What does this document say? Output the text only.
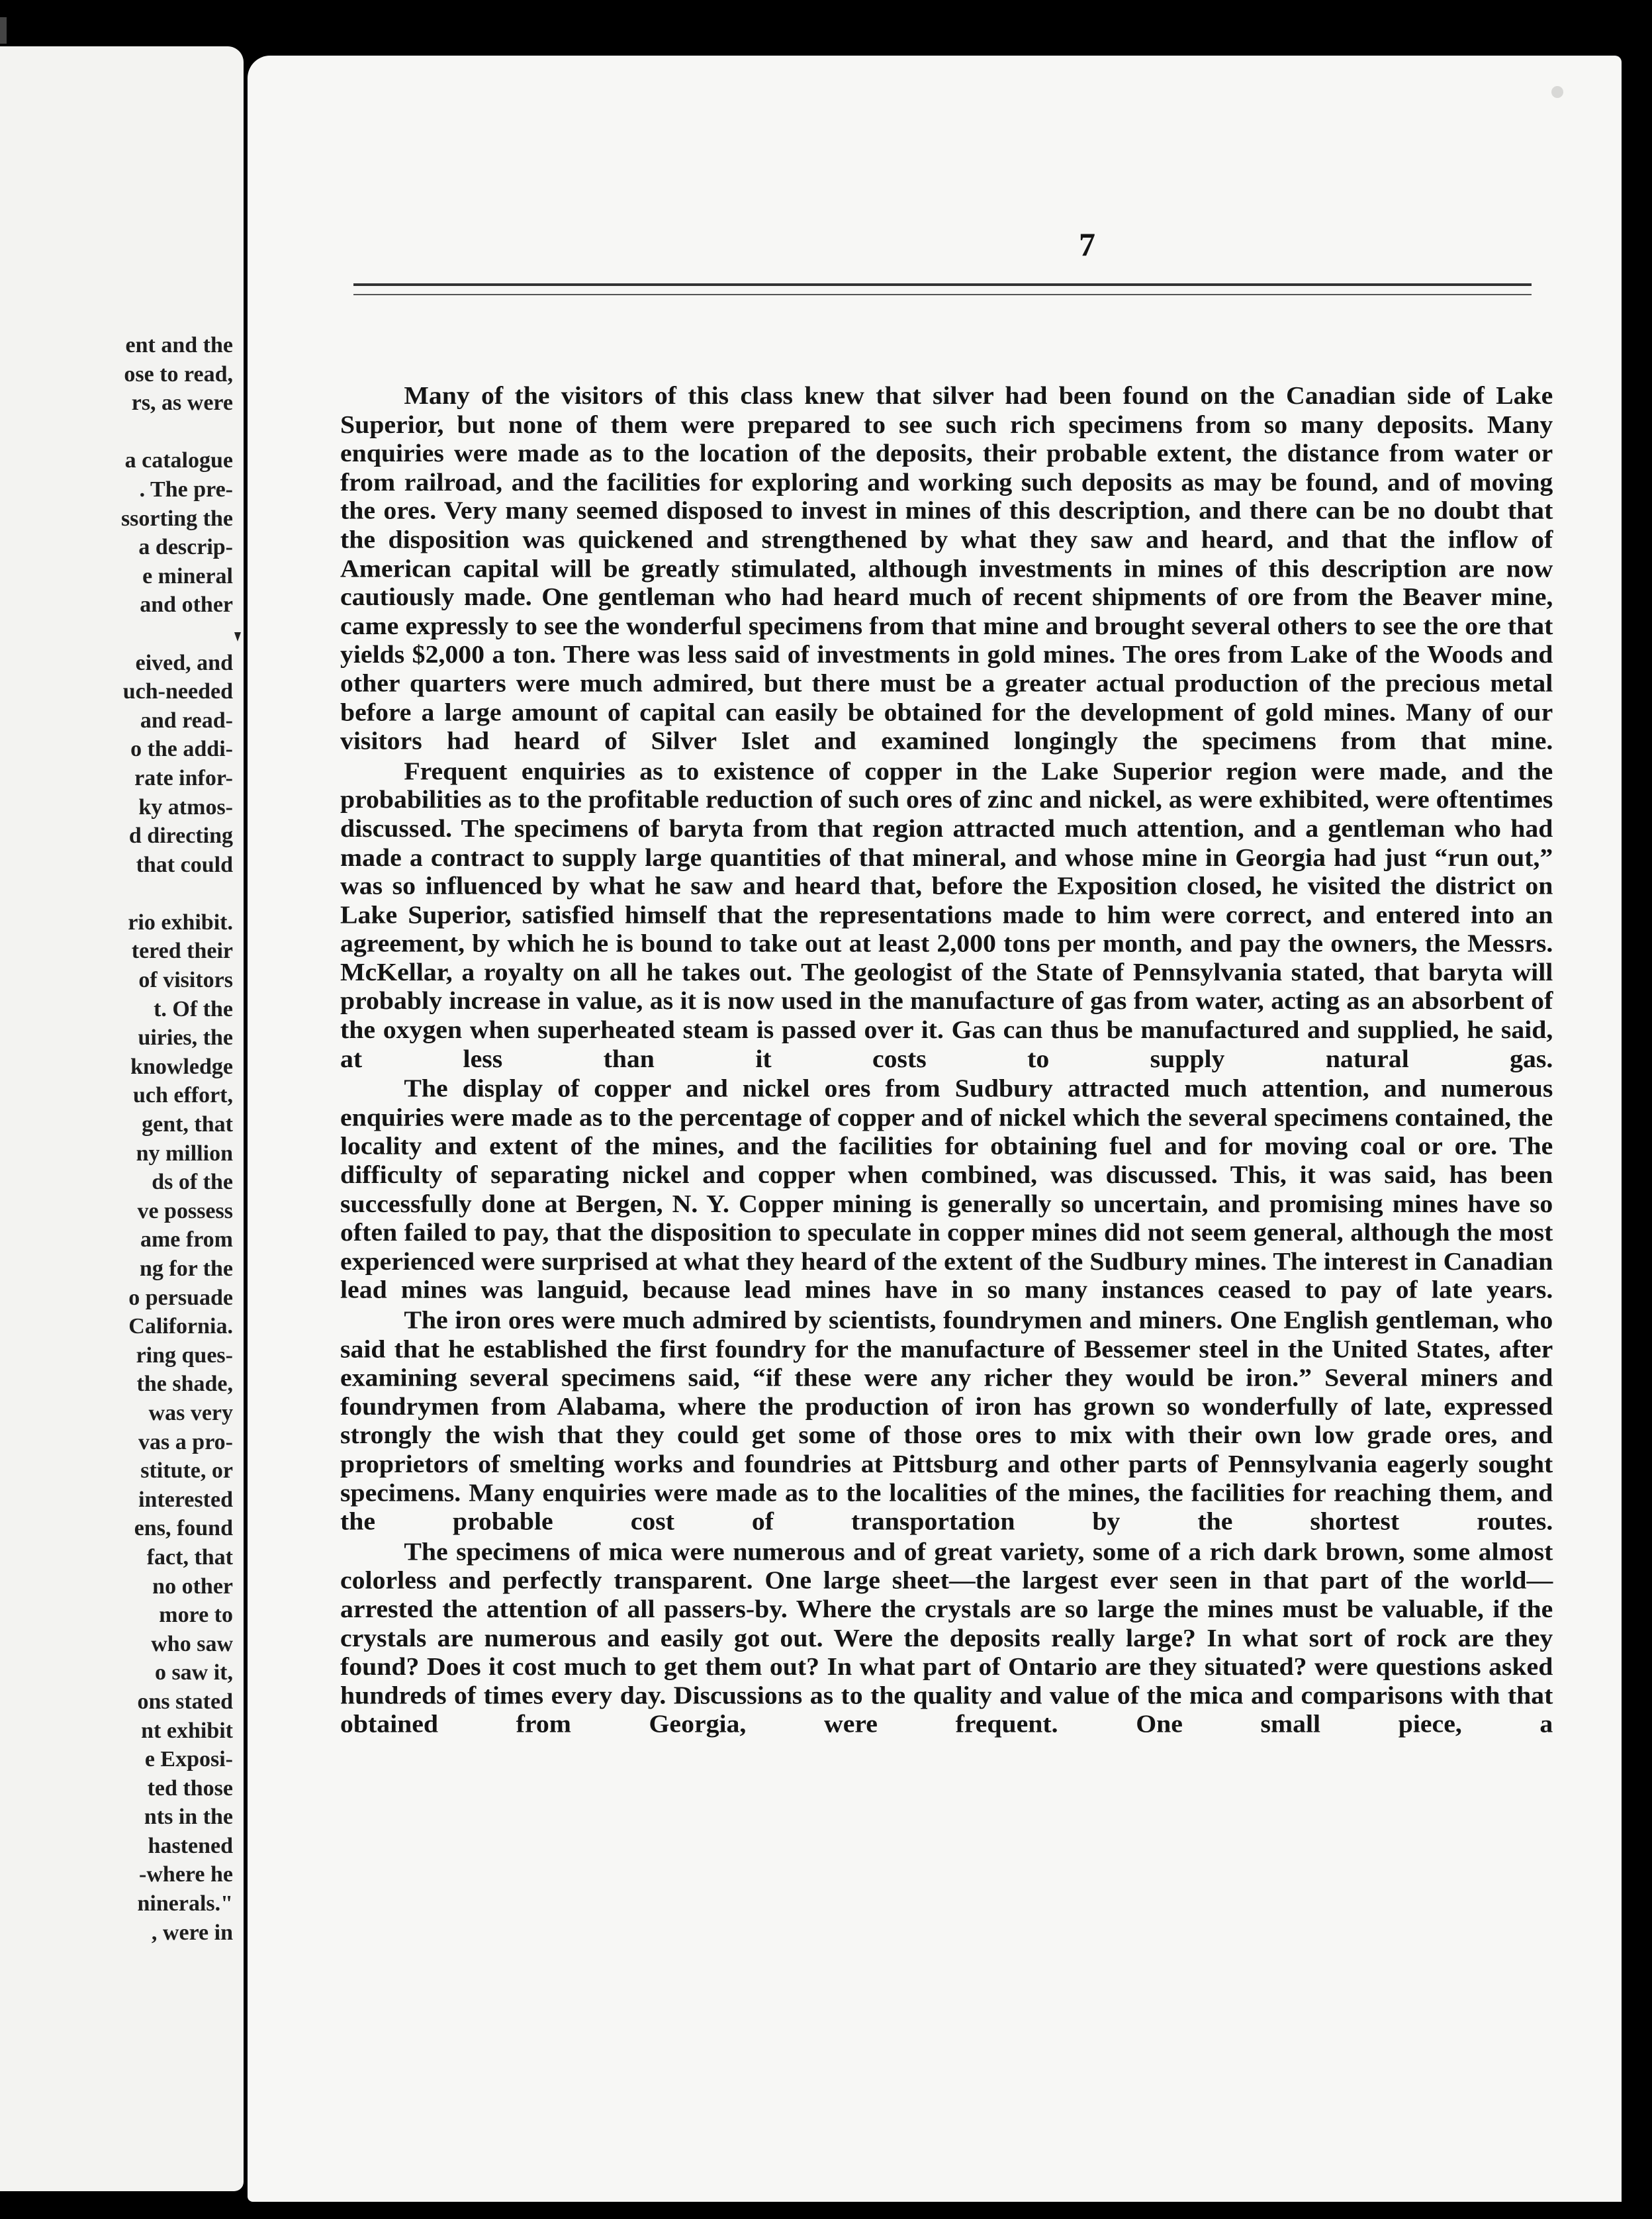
ent and the
ose to read,
rs, as were
a catalogue
. The pre-
ssorting the
a descrip-
e mineral
and other
eived, and
uch-needed
and read-
o the addi-
rate infor-
ky atmos-
d directing
that could
rio exhibit.
tered their
of visitors
t. Of the
uiries, the
knowledge
uch effort,
gent, that
ny million
ds of the
ve possess
ame from
ng for the
o persuade
California.
ring ques-
the shade,
was very
vas a pro-
stitute, or
interested
ens, found
fact, that
no other
more to
who saw
o saw it,
ons stated
nt exhibit
e Exposi-
ted those
nts in the
hastened
-where he
ninerals."
, were in
7

Many of the visitors of this class knew that silver had been found on the Canadian side of Lake Superior, but none of them were prepared to see such rich specimens from so many deposits. Many enquiries were made as to the location of the deposits, their probable extent, the distance from water or from railroad, and the facilities for exploring and working such deposits as may be found, and of moving the ores. Very many seemed disposed to invest in mines of this description, and there can be no doubt that the disposition was quickened and strengthened by what they saw and heard, and that the inflow of American capital will be greatly stimulated, although investments in mines of this description are now cautiously made. One gentleman who had heard much of recent shipments of ore from the Beaver mine, came expressly to see the wonderful specimens from that mine and brought several others to see the ore that yields $2,000 a ton. There was less said of investments in gold mines. The ores from Lake of the Woods and other quarters were much admired, but there must be a greater actual production of the precious metal before a large amount of capital can easily be obtained for the development of gold mines. Many of our visitors had heard of Silver Islet and examined longingly the specimens from that mine.

Frequent enquiries as to existence of copper in the Lake Superior region were made, and the probabilities as to the profitable reduction of such ores of zinc and nickel, as were exhibited, were oftentimes discussed. The specimens of baryta from that region attracted much attention, and a gentleman who had made a contract to supply large quantities of that mineral, and whose mine in Georgia had just “run out,” was so influenced by what he saw and heard that, before the Exposition closed, he visited the district on Lake Superior, satisfied himself that the representations made to him were correct, and entered into an agreement, by which he is bound to take out at least 2,000 tons per month, and pay the owners, the Messrs. McKellar, a royalty on all he takes out. The geologist of the State of Pennsylvania stated, that baryta will probably increase in value, as it is now used in the manufacture of gas from water, acting as an absorbent of the oxygen when superheated steam is passed over it. Gas can thus be manufactured and supplied, he said, at less than it costs to supply natural gas.

The display of copper and nickel ores from Sudbury attracted much attention, and numerous enquiries were made as to the percentage of copper and of nickel which the several specimens contained, the locality and extent of the mines, and the facilities for obtaining fuel and for moving coal or ore. The difficulty of separating nickel and copper when combined, was discussed. This, it was said, has been successfully done at Bergen, N. Y. Copper mining is generally so uncertain, and promising mines have so often failed to pay, that the disposition to speculate in copper mines did not seem general, although the most experienced were surprised at what they heard of the extent of the Sudbury mines. The interest in Canadian lead mines was languid, because lead mines have in so many instances ceased to pay of late years.

The iron ores were much admired by scientists, foundrymen and miners. One English gentleman, who said that he established the first foundry for the manufacture of Bessemer steel in the United States, after examining several specimens said, “if these were any richer they would be iron.” Several miners and foundrymen from Alabama, where the production of iron has grown so wonderfully of late, expressed strongly the wish that they could get some of those ores to mix with their own low grade ores, and proprietors of smelting works and foundries at Pittsburg and other parts of Pennsylvania eagerly sought specimens. Many enquiries were made as to the localities of the mines, the facilities for reaching them, and the probable cost of transportation by the shortest routes.

The specimens of mica were numerous and of great variety, some of a rich dark brown, some almost colorless and perfectly transparent. One large sheet—the largest ever seen in that part of the world—arrested the attention of all passers-by. Where the crystals are so large the mines must be valuable, if the crystals are numerous and easily got out. Were the deposits really large? In what sort of rock are they found? Does it cost much to get them out? In what part of Ontario are they situated? were questions asked hundreds of times every day. Discussions as to the quality and value of the mica and comparisons with that obtained from Georgia, were frequent. One small piece, a
